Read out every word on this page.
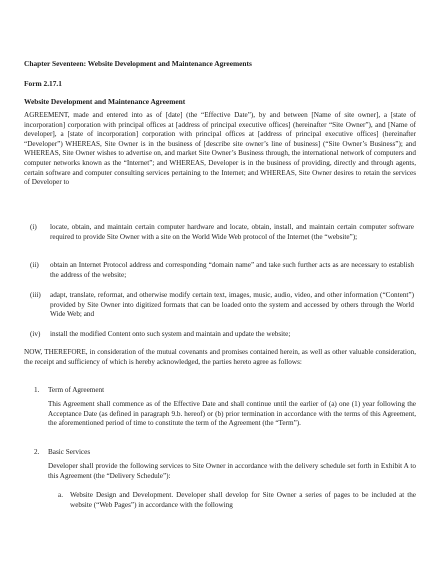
Chapter Seventeen: Website Development and Maintenance Agreements
Form 2.17.1
Website Development and Maintenance Agreement
AGREEMENT, made and entered into as of [date] (the “Effective Date”), by and between [Name of site owner], a [state of incorporation] corporation with principal offices at [address of principal executive offices] (hereinafter “Site Owner”), and [Name of developer], a [state of incorporation] corporation with principal offices at [address of principal executive offices] (hereinafter “Developer”) WHEREAS, Site Owner is in the business of [describe site owner’s line of business] (“Site Owner’s Business”); and WHEREAS, Site Owner wishes to advertise on, and market Site Owner’s Business through, the international network of computers and computer networks known as the “Internet”; and WHEREAS, Developer is in the business of providing, directly and through agents, certain software and computer consulting services pertaining to the Internet; and WHEREAS, Site Owner desires to retain the services of Developer to
(i)	locate, obtain, and maintain certain computer hardware and locate, obtain, install, and maintain certain computer software required to provide Site Owner with a site on the World Wide Web protocol of the Internet (the “website”);
(ii)	obtain an Internet Protocol address and corresponding “domain name” and take such further acts as are necessary to establish the address of the website;
(iii)	adapt, translate, reformat, and otherwise modify certain text, images, music, audio, video, and other information (“Content”) provided by Site Owner into digitized formats that can be loaded onto the system and accessed by others through the World Wide Web; and
(iv)	install the modified Content onto such system and maintain and update the website;
NOW, THEREFORE, in consideration of the mutual covenants and promises contained herein, as well as other valuable consideration, the receipt and sufficiency of which is hereby acknowledged, the parties hereto agree as follows:
1. Term of Agreement
This Agreement shall commence as of the Effective Date and shall continue until the earlier of (a) one (1) year following the Acceptance Date (as defined in paragraph 9.b. hereof) or (b) prior termination in accordance with the terms of this Agreement, the aforementioned period of time to constitute the term of the Agreement (the “Term”).
2. Basic Services
Developer shall provide the following services to Site Owner in accordance with the delivery schedule set forth in Exhibit A to this Agreement (the “Delivery Schedule”):
a. Website Design and Development. Developer shall develop for Site Owner a series of pages to be included at the website (“Web Pages”) in accordance with the following
